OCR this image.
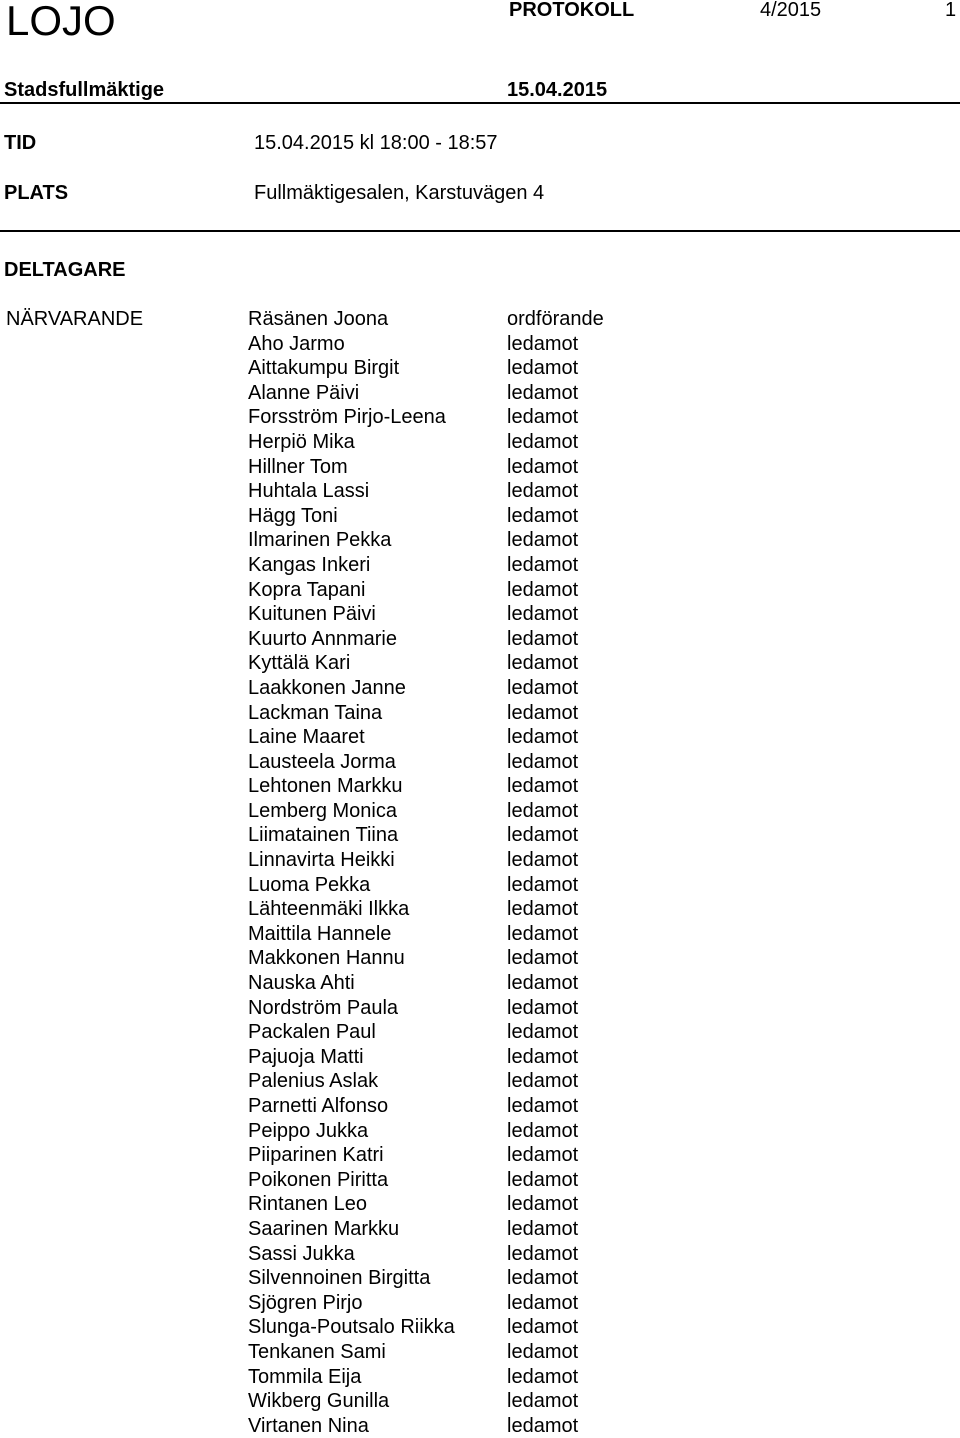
LOJO	PROTOKOLL	4/2015	1
Stadsfullmäktige	15.04.2015
TID	15.04.2015 kl 18:00 - 18:57
PLATS	Fullmäktigesalen, Karstuvägen 4
DELTAGARE
NÄRVARANDE	Räsänen Joona	ordförande
Aho Jarmo	ledamot
Aittakumpu Birgit	ledamot
Alanne Päivi	ledamot
Forsström Pirjo-Leena	ledamot
Herpiö Mika	ledamot
Hillner Tom	ledamot
Huhtala Lassi	ledamot
Hägg Toni	ledamot
Ilmarinen Pekka	ledamot
Kangas Inkeri	ledamot
Kopra Tapani	ledamot
Kuitunen Päivi	ledamot
Kuurto Annmarie	ledamot
Kyttälä Kari	ledamot
Laakkonen Janne	ledamot
Lackman Taina	ledamot
Laine Maaret	ledamot
Lausteela Jorma	ledamot
Lehtonen Markku	ledamot
Lemberg Monica	ledamot
Liimatainen Tiina	ledamot
Linnavirta Heikki	ledamot
Luoma Pekka	ledamot
Lähteenmäki Ilkka	ledamot
Maittila Hannele	ledamot
Makkonen Hannu	ledamot
Nauska Ahti	ledamot
Nordström Paula	ledamot
Packalen Paul	ledamot
Pajuoja Matti	ledamot
Palenius Aslak	ledamot
Parnetti Alfonso	ledamot
Peippo Jukka	ledamot
Piiparinen Katri	ledamot
Poikonen Piritta	ledamot
Rintanen Leo	ledamot
Saarinen Markku	ledamot
Sassi Jukka	ledamot
Silvennoinen Birgitta	ledamot
Sjögren Pirjo	ledamot
Slunga-Poutsalo Riikka	ledamot
Tenkanen Sami	ledamot
Tommila Eija	ledamot
Wikberg Gunilla	ledamot
Virtanen Nina	ledamot
